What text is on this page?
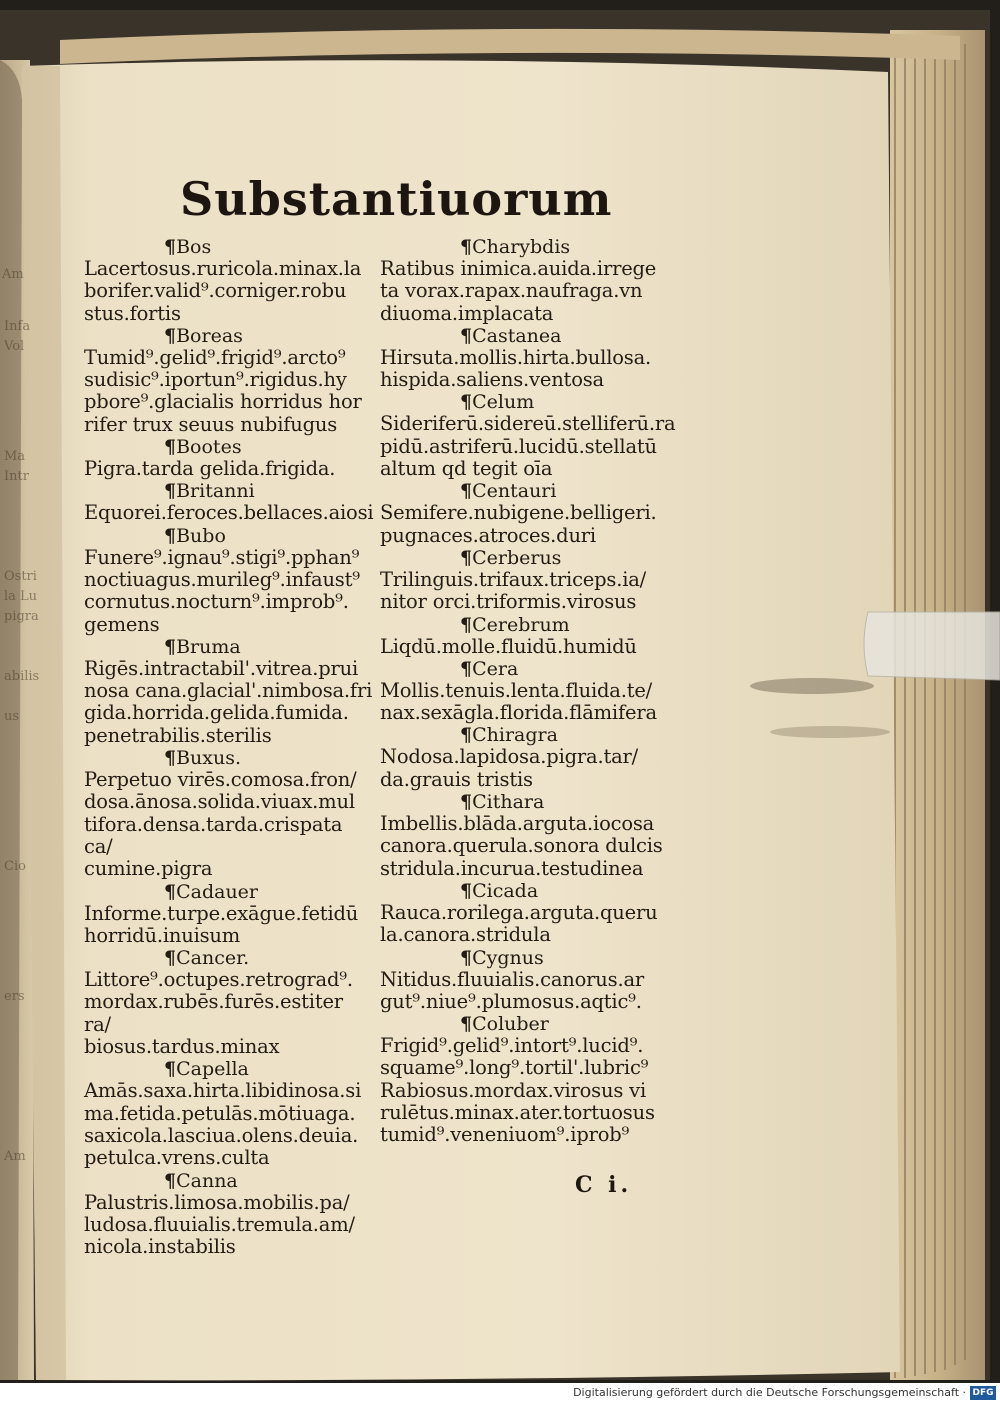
Am
Infa
Vol
Ma
Intr
Ostri
la Lu
pigra
abilis
us
Cio
ers
Am
Substantiuorum
¶Bos
Lacertosus.ruricola.minax.la
borifer.valid⁹.corniger.robu
stus.fortis
¶Boreas
Tumid⁹.gelid⁹.frigid⁹.arcto⁹
sudisic⁹.iportun⁹.rigidus.hy
pbore⁹.glacialis horridus hor
rifer trux seuus nubifugus
¶Bootes
Pigra.tarda gelida.frigida.
¶Britanni
Equorei.feroces.bellaces.aiosi
¶Bubo
Funere⁹.ignau⁹.stigi⁹.pphan⁹
noctiuagus.murileg⁹.infaust⁹
cornutus.nocturn⁹.improb⁹.
gemens
¶Bruma
Rigēs.intractabil'.vitrea.prui
nosa cana.glacial'.nimbosa.fri
gida.horrida.gelida.fumida.
penetrabilis.sterilis
¶Buxus.
Perpetuo virēs.comosa.fron/
dosa.ānosa.solida.viuax.mul
tifora.densa.tarda.crispata ca/
cumine.pigra
¶Cadauer
Informe.turpe.exāgue.fetidū
horridū.inuisum
¶Cancer.
Littore⁹.octupes.retrograd⁹.
mordax.rubēs.furēs.estiter ra/
biosus.tardus.minax
¶Capella
Amās.saxa.hirta.libidinosa.si
ma.fetida.petulās.mōtiuaga.
saxicola.lasciua.olens.deuia.
petulca.vrens.culta
¶Canna
Palustris.limosa.mobilis.pa/
ludosa.fluuialis.tremula.am/
nicola.instabilis
¶Charybdis
Ratibus inimica.auida.irrege
ta vorax.rapax.naufraga.vn
diuoma.implacata
¶Castanea
Hirsuta.mollis.hirta.bullosa.
hispida.saliens.ventosa
¶Celum
Sideriferū.sidereū.stelliferū.ra
pidū.astriferū.lucidū.stellatū
altum qd tegit oīa
¶Centauri
Semifere.nubigene.belligeri.
pugnaces.atroces.duri
¶Cerberus
Trilinguis.trifaux.triceps.ia/
nitor orci.triformis.virosus
¶Cerebrum
Liqdū.molle.fluidū.humidū
¶Cera
Mollis.tenuis.lenta.fluida.te/
nax.sexāgla.florida.flāmifera
¶Chiragra
Nodosa.lapidosa.pigra.tar/
da.grauis tristis
¶Cithara
Imbellis.blāda.arguta.iocosa
canora.querula.sonora dulcis
stridula.incurua.testudinea
¶Cicada
Rauca.rorilega.arguta.queru
la.canora.stridula
¶Cygnus
Nitidus.fluuialis.canorus.ar
gut⁹.niue⁹.plumosus.aqtic⁹.
¶Coluber
Frigid⁹.gelid⁹.intort⁹.lucid⁹.
squame⁹.long⁹.tortil'.lubric⁹
Rabiosus.mordax.virosus vi
rulētus.minax.ater.tortuosus
tumid⁹.veneniuom⁹.iprob⁹
C i.
Digitalisierung gefördert durch die Deutsche Forschungsgemeinschaft · DFG
